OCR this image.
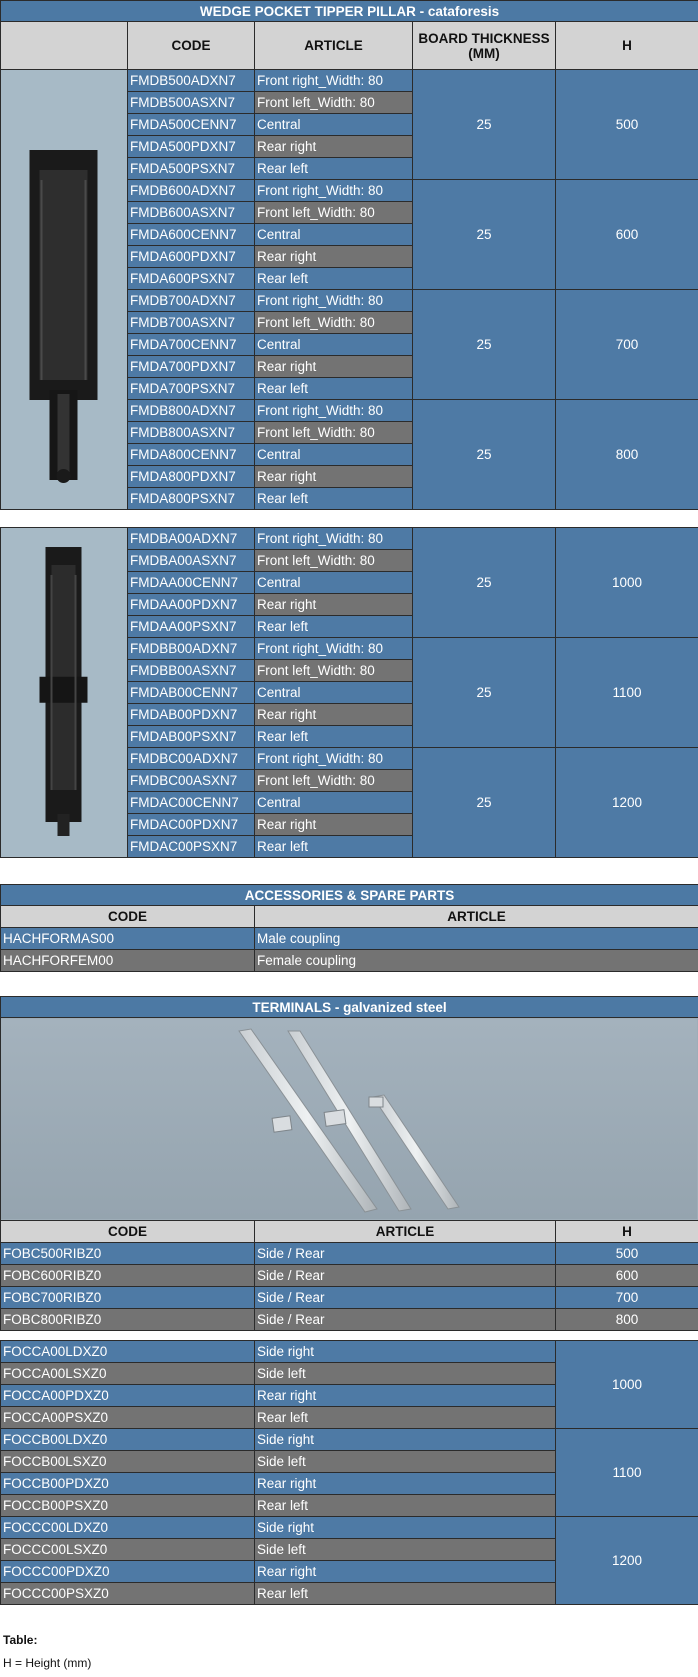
WEDGE POCKET TIPPER PILLAR - cataforesis				
	CODE	ARTICLE	BOARD THICKNESS (MM)	H

	FMDB500ADXN7	Front right_Width: 80	25	500
	FMDB500ASXN7	Front left_Width: 80		
	FMDA500CENN7	Central		
	FMDA500PDXN7	Rear right		
	FMDA500PSXN7	Rear left		
	FMDB600ADXN7	Front right_Width: 80	25	600
	FMDB600ASXN7	Front left_Width: 80		
	FMDA600CENN7	Central		
	FMDA600PDXN7	Rear right		
	FMDA600PSXN7	Rear left		
	FMDB700ADXN7	Front right_Width: 80	25	700
	FMDB700ASXN7	Front left_Width: 80		
	FMDA700CENN7	Central		
	FMDA700PDXN7	Rear right		
	FMDA700PSXN7	Rear left		
	FMDB800ADXN7	Front right_Width: 80	25	800
	FMDB800ASXN7	Front left_Width: 80		
	FMDA800CENN7	Central		
	FMDA800PDXN7	Rear right		
	FMDA800PSXN7	Rear left		
	FMDBA00ADXN7	Front right_Width: 80	25	1000
	FMDBA00ASXN7	Front left_Width: 80		
	FMDAA00CENN7	Central		
	FMDAA00PDXN7	Rear right		
	FMDAA00PSXN7	Rear left		
	FMDBB00ADXN7	Front right_Width: 80	25	1100
	FMDBB00ASXN7	Front left_Width: 80		
	FMDAB00CENN7	Central		
	FMDAB00PDXN7	Rear right		
	FMDAB00PSXN7	Rear left		
	FMDBC00ADXN7	Front right_Width: 80	25	1200
	FMDBC00ASXN7	Front left_Width: 80		
	FMDAC00CENN7	Central		
	FMDAC00PDXN7	Rear right		
	FMDAC00PSXN7	Rear left		
ACCESSORIES & SPARE PARTS	
CODE	ARTICLE
HACHFORMAS00	Male coupling
HACHFORFEM00	Female coupling
TERMINALS - galvanized steel		

CODE	ARTICLE	H
FOBC500RIBZ0	Side / Rear	500
FOBC600RIBZ0	Side / Rear	600
FOBC700RIBZ0	Side / Rear	700
FOBC800RIBZ0	Side / Rear	800
FOCCA00LDXZ0	Side right	1000
FOCCA00LSXZ0	Side left	
FOCCA00PDXZ0	Rear right	
FOCCA00PSXZ0	Rear left	
FOCCB00LDXZ0	Side right	1100
FOCCB00LSXZ0	Side left	
FOCCB00PDXZ0	Rear right	
FOCCB00PSXZ0	Rear left	
FOCCC00LDXZ0	Side right	1200
FOCCC00LSXZ0	Side left	
FOCCC00PDXZ0	Rear right	
FOCCC00PSXZ0	Rear left	
Table:
H = Height (mm)
